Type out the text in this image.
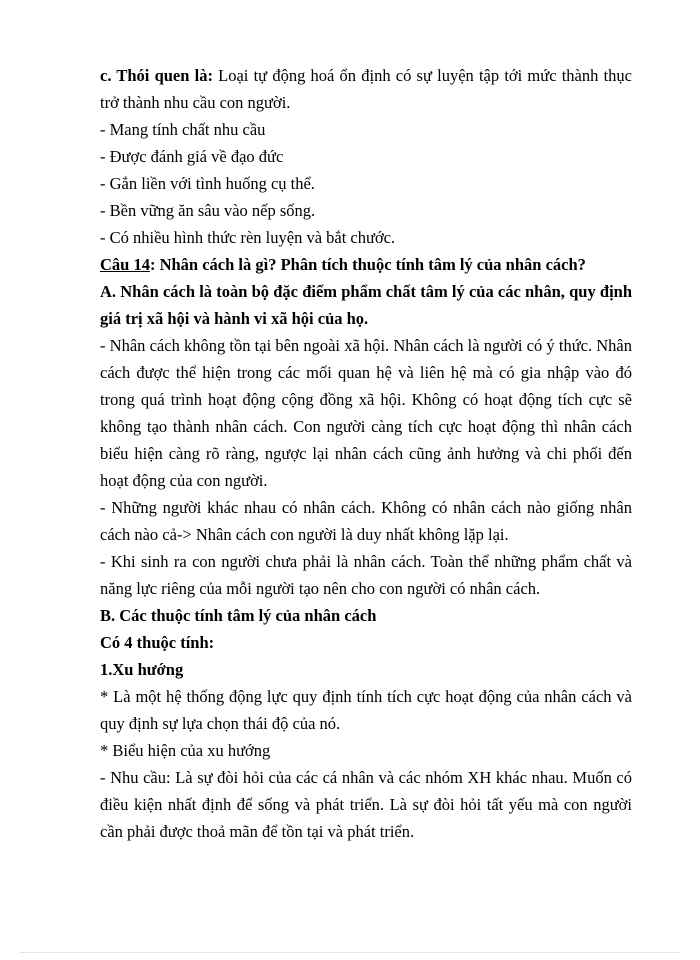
c. Thói quen là: Loại tự động hoá ổn định có sự luyện tập tới mức thành thục trở thành nhu cầu con người.

- Mang tính chất nhu cầu

- Được đánh giá về đạo đức

- Gắn liền với tình huống cụ thể.

- Bền vững ăn sâu vào nếp sống.

- Có nhiều hình thức rèn luyện và bắt chước.

Câu 14: Nhân cách là gì? Phân tích thuộc tính tâm lý của nhân cách?

A. Nhân cách là toàn bộ đặc điểm phẩm chất tâm lý của các nhân, quy định giá trị xã hội và hành vi xã hội của họ.

- Nhân cách không tồn tại bên ngoài xã hội. Nhân cách là người có ý thức. Nhân cách được thể hiện trong các mối quan hệ và liên hệ mà có gia nhập vào đó trong quá trình hoạt động cộng đồng xã hội. Không có hoạt động tích cực sẽ không tạo thành nhân cách. Con người càng tích cực hoạt động thì nhân cách biểu hiện càng rõ ràng, ngược lại nhân cách cũng ảnh hưởng và chi phối đến hoạt động của con người.

- Những người khác nhau có nhân cách. Không có nhân cách nào giống nhân cách nào cả-> Nhân cách con người là duy nhất không lặp lại.

- Khi sinh ra con người chưa phải là nhân cách. Toàn thể những phẩm chất và năng lực riêng của mỗi người tạo nên cho con người có nhân cách.

B. Các thuộc tính tâm lý của nhân cách

Có 4 thuộc tính:

1.Xu hướng

* Là một hệ thống động lực quy định tính tích cực hoạt động của nhân cách và quy định sự lựa chọn thái độ của nó.

* Biểu hiện của xu hướng

- Nhu cầu: Là sự đòi hỏi của các cá nhân và các nhóm XH khác nhau. Muốn có điều kiện nhất định để sống và phát triển. Là sự đòi hỏi tất yếu mà con người cần phải được thoả mãn để tồn tại và phát triển.
